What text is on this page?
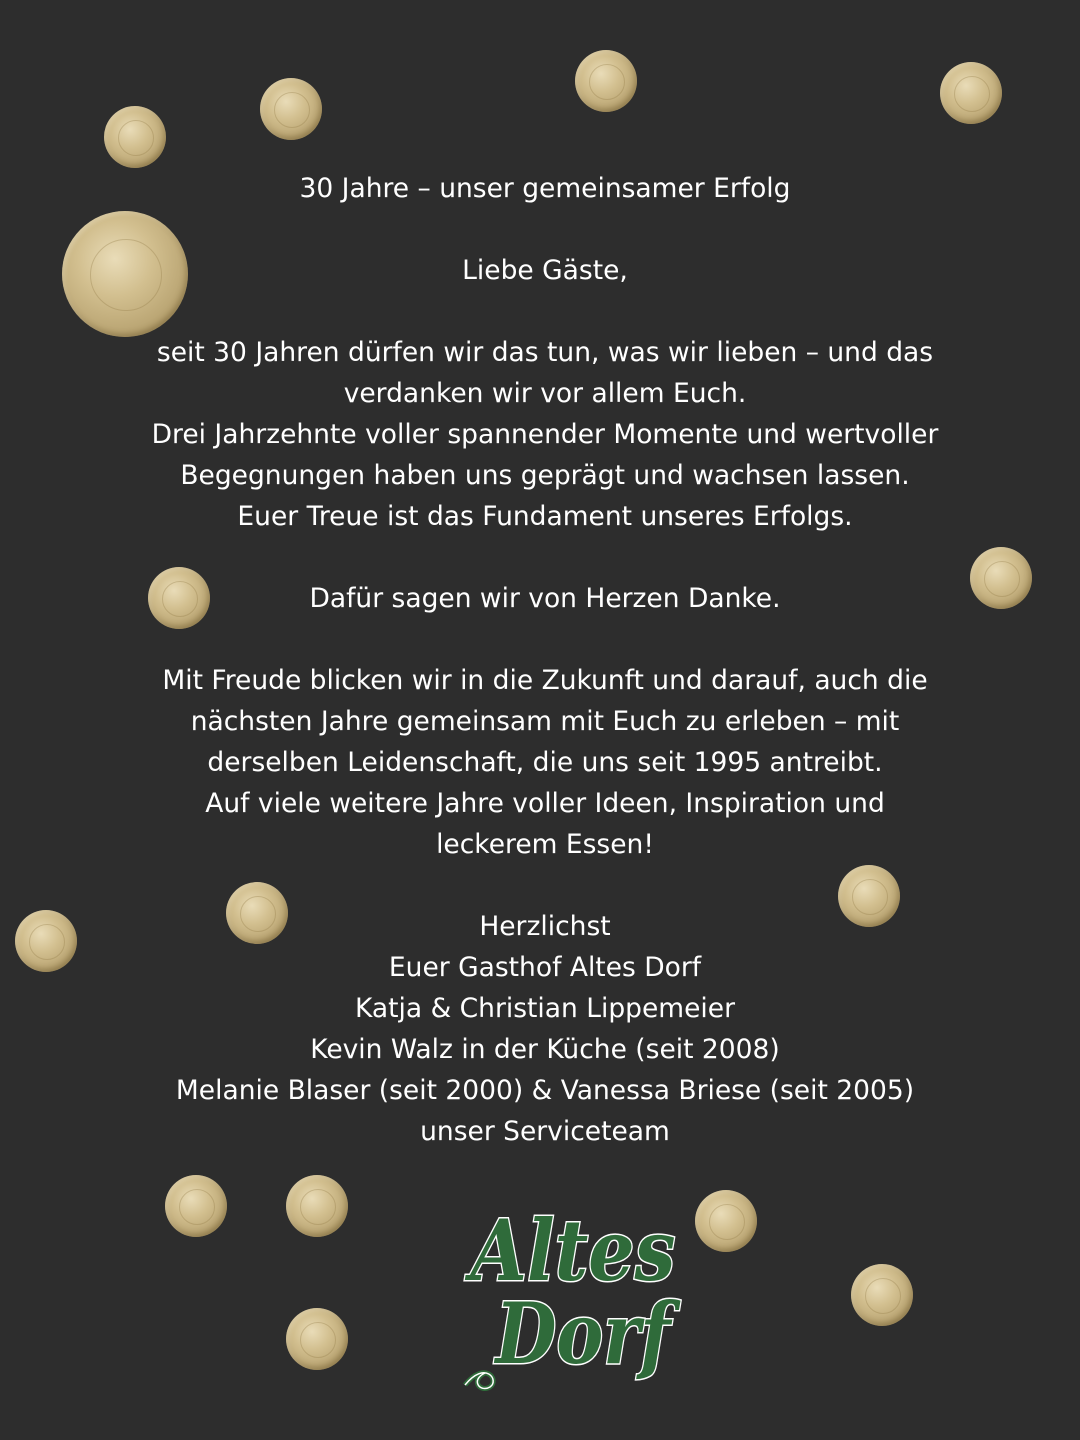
30 Jahre – unser gemeinsamer Erfolg

Liebe Gäste,

seit 30 Jahren dürfen wir das tun, was wir lieben – und das

verdanken wir vor allem Euch.

Drei Jahrzehnte voller spannender Momente und wertvoller

Begegnungen haben uns geprägt und wachsen lassen.

Euer Treue ist das Fundament unseres Erfolgs.

Dafür sagen wir von Herzen Danke.

Mit Freude blicken wir in die Zukunft und darauf, auch die

nächsten Jahre gemeinsam mit Euch zu erleben – mit

derselben Leidenschaft, die uns seit 1995 antreibt.

Auf viele weitere Jahre voller Ideen, Inspiration und

leckerem Essen!

Herzlichst

Euer Gasthof Altes Dorf

Katja & Christian Lippemeier

Kevin Walz in der Küche (seit 2008)

Melanie Blaser (seit 2000) & Vanessa Briese (seit 2005)

unser Serviceteam

Altes
Dorf
